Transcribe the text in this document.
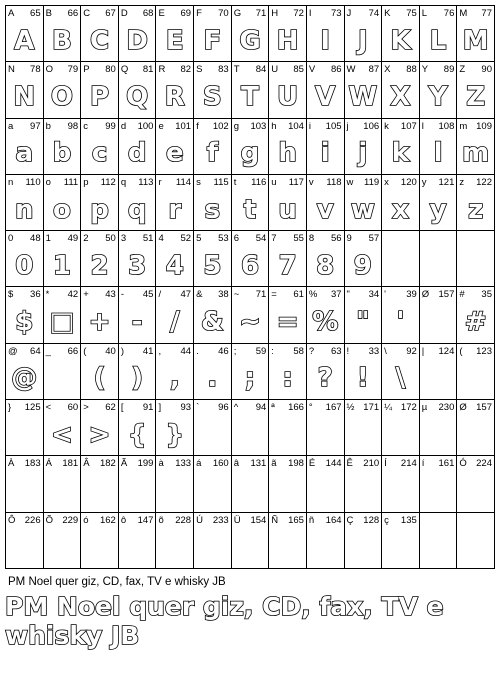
A 65
A
B 66
B
C 67
C
D 68
D
E 69
E
F 70
F
G 71
G
H 72
H
I 73
I
J 74
J
K 75
K
L 76
L
M 77
M
N 78
N
O 79
O
P 80
P
Q 81
Q
R 82
R
S 83
S
T 84
T
U 85
U
V 86
V
W 87
W
X 88
X
Y 89
Y
Z 90
Z
a 97
a
b 98
b
c 99
c
d 100
d
e 101
e
f 102
f
g 103
g
h 104
h
i 105
i
j 106
j
k 107
k
l 108
l
m 109
m
n 110
n
o 111
o
p 112
p
q 113
q
r 114
r
s 115
s
t 116
t
u 117
u
v 118
v
w 119
w
x 120
x
y 121
y
z 122
z
0 48
0
1 49
1
2 50
2
3 51
3
4 52
4
5 53
5
6 54
6
7 55
7
8 56
8
9 57
9
$ 36
$
* 42
□
+ 43
+
- 45
-
/ 47
/
& 38
&
~ 71
~
= 61
=
% 37
%
" 34
"
' 39
'
Ø 157 # 35
#
@ 64
@
_ 66 ( 40
(
) 41
)
, 44
,
. 46
.
; 59
;
: 58
:
? 63
?
! 33
!
\ 92
\
| 124 ( 123
} 125 < 60
<
> 62
>
[ 91
{
] 93
}
` 96 ^ 94 ª 166 ° 167 ½ 171 ¼ 172 µ 230 Ø 157
À 183 Á 181 Â 182 Ã 199 à 133 á 160 â 131 ã 198 É 144 Ê 210 Í 214 í 161 Ó 224
Ô 226 Õ 229 ó 162 ô 147 õ 228 Ú 233 Ü 154 Ñ 165 ñ 164 Ç 128 ç 135
PM Noel quer giz, CD, fax, TV e whisky JB
PM Noel quer giz, CD, fax, TV e whisky JB
